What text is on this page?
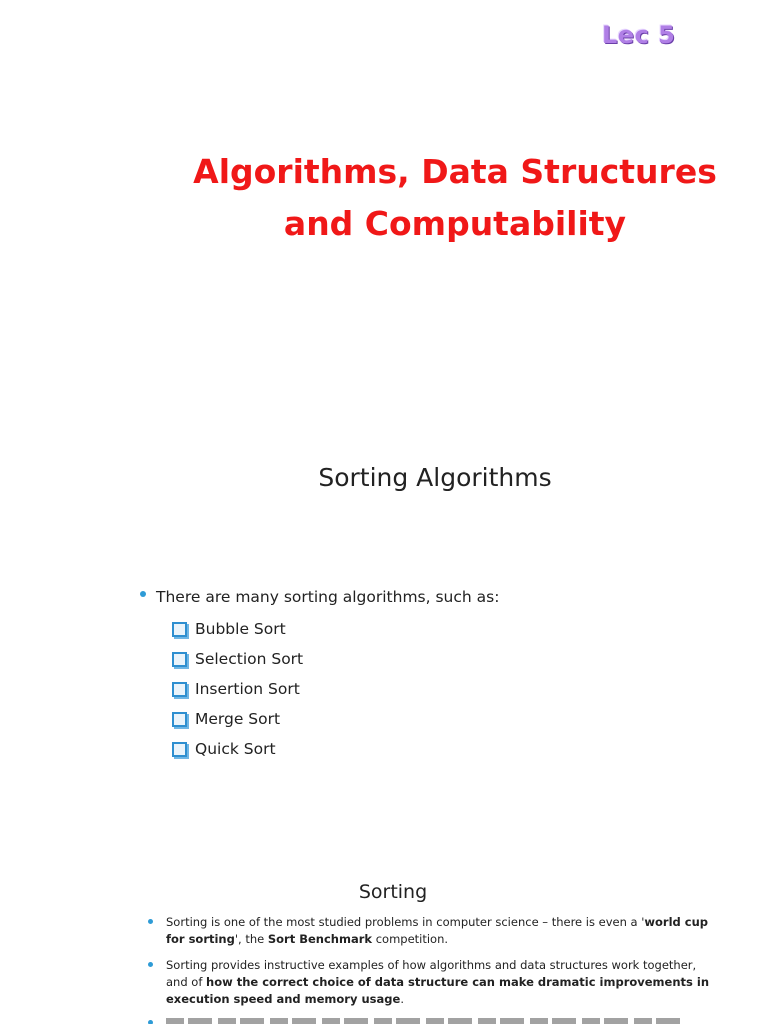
Lec 5
Algorithms, Data Structures and Computability
Sorting Algorithms
There are many sorting algorithms, such as:
Bubble Sort
Selection Sort
Insertion Sort
Merge Sort
Quick Sort
Sorting
Sorting is one of the most studied problems in computer science – there is even a 'world cup for sorting', the Sort Benchmark competition.
Sorting provides instructive examples of how algorithms and data structures work together, and of how the correct choice of data structure can make dramatic improvements in execution speed and memory usage.
